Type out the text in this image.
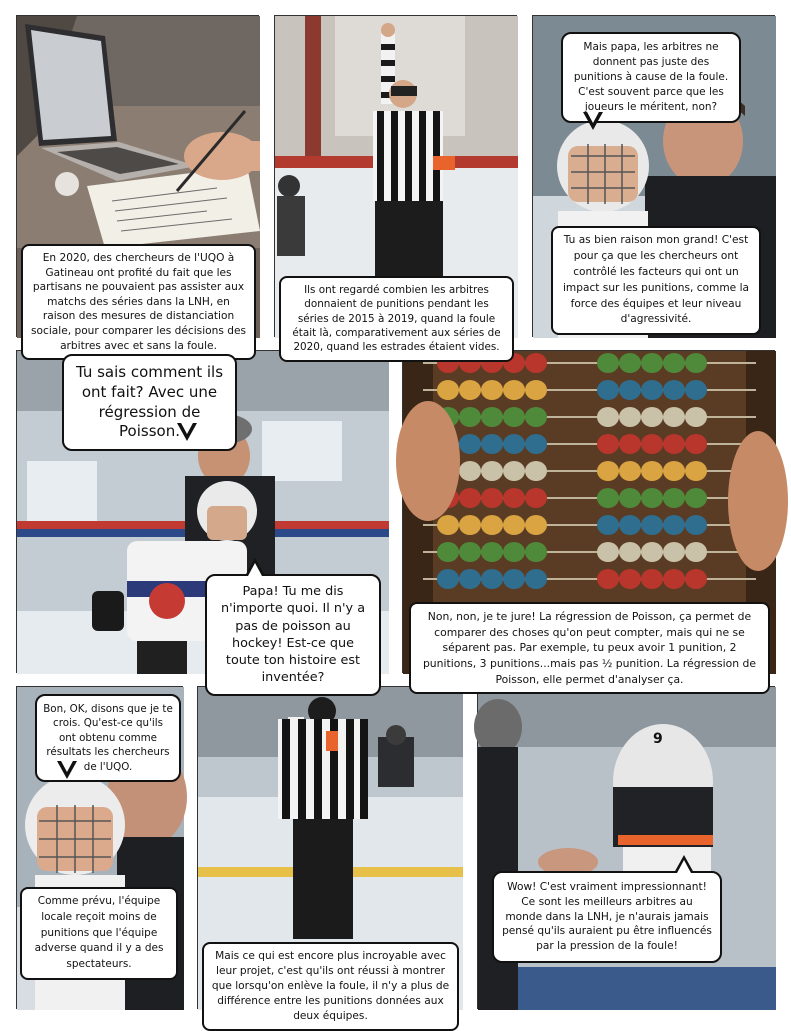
En 2020, des chercheurs de l'UQO à Gatineau ont profité du fait que les partisans ne pouvaient pas assister aux matchs des séries dans la LNH, en raison des mesures de distanciation sociale, pour comparer les décisions des arbitres avec et sans la foule.
Ils ont regardé combien les arbitres donnaient de punitions pendant les séries de 2015 à 2019, quand la foule était là, comparativement aux séries de 2020, quand les estrades étaient vides.
Mais papa, les arbitres ne donnent pas juste des punitions à cause de la foule. C'est souvent parce que les joueurs le méritent, non?
Tu as bien raison mon grand! C'est pour ça que les chercheurs ont contrôlé les facteurs qui ont un impact sur les punitions, comme la force des équipes et leur niveau d'agressivité.
Tu sais comment ils ont fait? Avec une régression de Poisson.
Papa! Tu me dis n'importe quoi. Il n'y a pas de poisson au hockey! Est-ce que toute ton histoire est inventée?
Non, non, je te jure! La régression de Poisson, ça permet de comparer des choses qu'on peut compter, mais qui ne se séparent pas. Par exemple, tu peux avoir 1 punition, 2 punitions, 3 punitions...mais pas ½ punition. La régression de Poisson, elle permet d'analyser ça.
Bon, OK, disons que je te crois. Qu'est-ce qu'ils ont obtenu comme résultats les chercheurs de l'UQO.
Comme prévu, l'équipe locale reçoit moins de punitions que l'équipe adverse quand il y a des spectateurs.
Mais ce qui est encore plus incroyable avec leur projet, c'est qu'ils ont réussi à montrer que lorsqu'on enlève la foule, il n'y a plus de différence entre les punitions données aux deux équipes.
9
Wow! C'est vraiment impressionnant! Ce sont les meilleurs arbitres au monde dans la LNH, je n'aurais jamais pensé qu'ils auraient pu être influencés par la pression de la foule!
